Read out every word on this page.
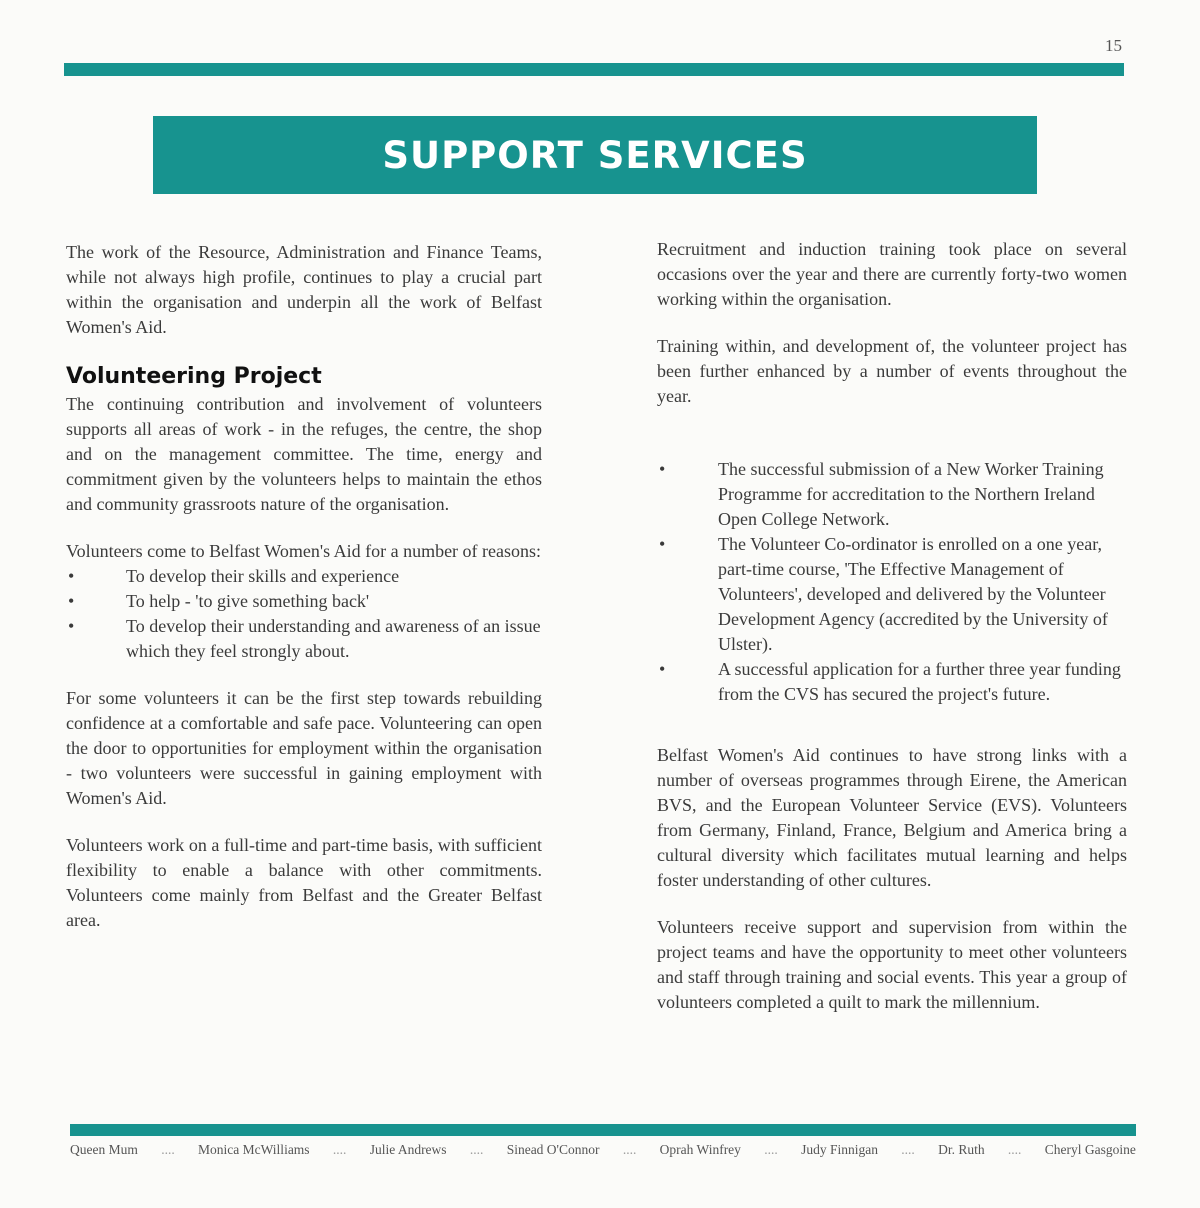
15
SUPPORT SERVICES

The work of the Resource, Administration and Finance Teams, while not always high profile, continues to play a crucial part within the organisation and underpin all the work of Belfast Women's Aid.

Volunteering Project

The continuing contribution and involvement of volunteers supports all areas of work - in the refuges, the centre, the shop and on the management committee. The time, energy and commitment given by the volunteers helps to maintain the ethos and community grassroots nature of the organisation.

Volunteers come to Belfast Women's Aid for a number of reasons:

• To develop their skills and experience
• To help - 'to give something back'
• To develop their understanding and awareness of an issue which they feel strongly about.

For some volunteers it can be the first step towards rebuilding confidence at a comfortable and safe pace. Volunteering can open the door to opportunities for employment within the organisation - two volunteers were successful in gaining employment with Women's Aid.

Volunteers work on a full-time and part-time basis, with sufficient flexibility to enable a balance with other commitments. Volunteers come mainly from Belfast and the Greater Belfast area.

Recruitment and induction training took place on several occasions over the year and there are currently forty-two women working within the organisation.

Training within, and development of, the volunteer project has been further enhanced by a number of events throughout the year.

• The successful submission of a New Worker Training Programme for accreditation to the Northern Ireland Open College Network.
• The Volunteer Co-ordinator is enrolled on a one year, part-time course, 'The Effective Management of Volunteers', developed and delivered by the Volunteer Development Agency (accredited by the University of Ulster).
• A successful application for a further three year funding from the CVS has secured the project's future.

Belfast Women's Aid continues to have strong links with a number of overseas programmes through Eirene, the American BVS, and the European Volunteer Service (EVS). Volunteers from Germany, Finland, France, Belgium and America bring a cultural diversity which facilitates mutual learning and helps foster understanding of other cultures.

Volunteers receive support and supervision from within the project teams and have the opportunity to meet other volunteers and staff through training and social events. This year a group of volunteers completed a quilt to mark the millennium.

Queen Mum .... Monica McWilliams .... Julie Andrews .... Sinead O'Connor .... Oprah Winfrey .... Judy Finnigan .... Dr. Ruth .... Cheryl Gasgoine
